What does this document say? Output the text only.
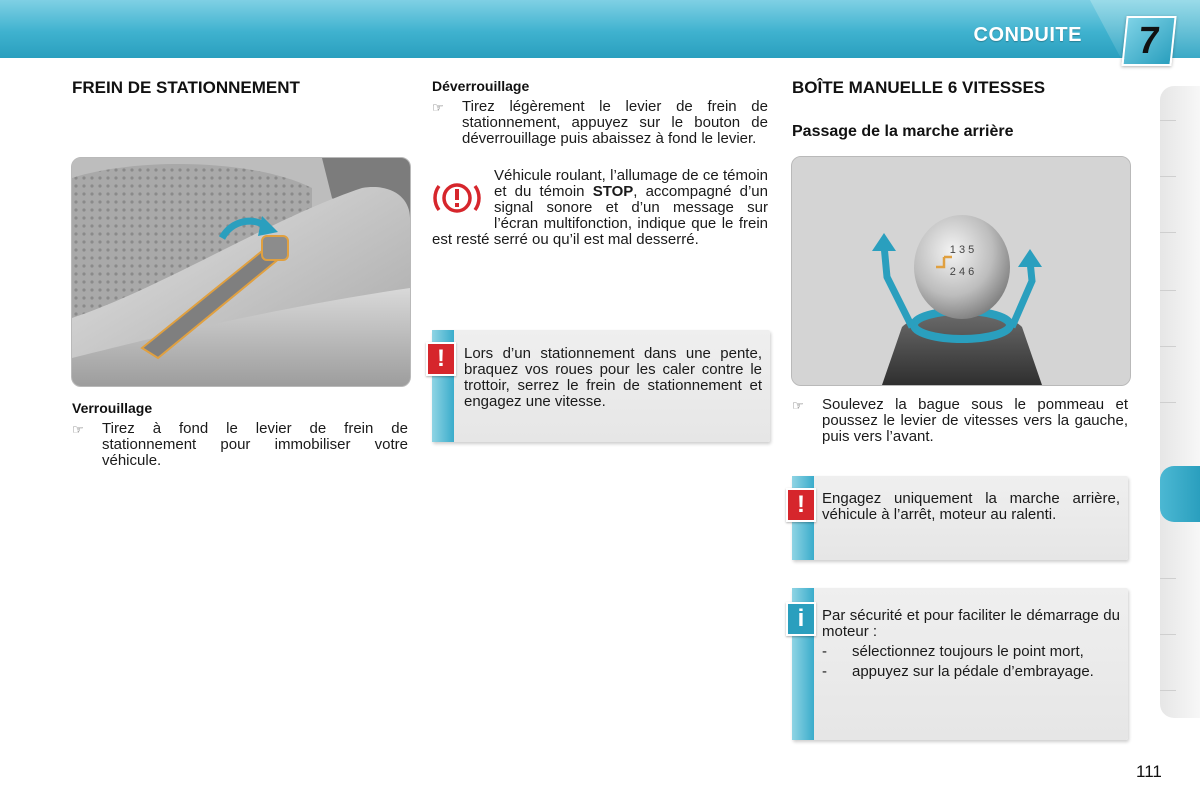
CONDUITE 7
FREIN DE STATIONNEMENT
Verrouillage
☞	Tirez à fond le levier de frein de stationnement pour immobiliser votre véhicule.
Déverrouillage
☞	Tirez légèrement le levier de frein de stationnement, appuyez sur le bouton de déverrouillage puis abaissez à fond le levier.
Véhicule roulant, l’allumage de ce témoin et du témoin STOP, accompagné d’un signal sonore et d’un message sur l’écran multifonction, indique que le frein est resté serré ou qu’il est mal desserré.
!	Lors d’un stationnement dans une pente, braquez vos roues pour les caler contre le trottoir, serrez le frein de stationnement et engagez une vitesse.
BOÎTE MANUELLE 6 VITESSES
Passage de la marche arrière
1 3 5
2 4 6
☞	Soulevez la bague sous le pommeau et poussez le levier de vitesses vers la gauche, puis vers l’avant.
!	Engagez uniquement la marche arrière, véhicule à l’arrêt, moteur au ralenti.
i	Par sécurité et pour faciliter le démarrage du moteur :
-	sélectionnez toujours le point mort,
-	appuyez sur la pédale d’embrayage.
111
